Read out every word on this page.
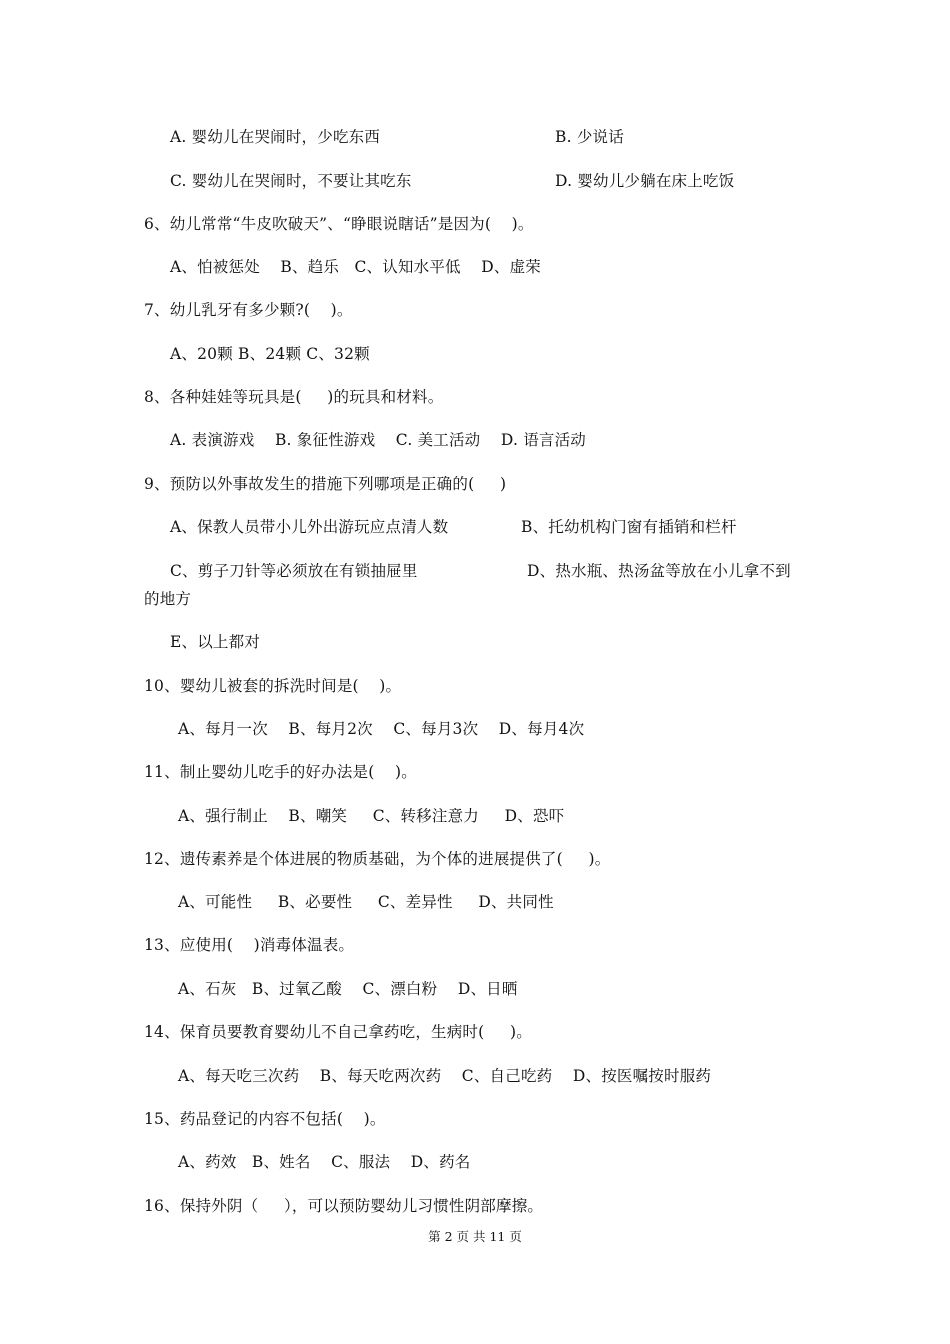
A. 婴幼儿在哭闹时，少吃东西	B. 少说话
C. 婴幼儿在哭闹时，不要让其吃东	D. 婴幼儿少躺在床上吃饭
6、幼儿常常“牛皮吹破天”、“睁眼说瞎话”是因为(    )。
A、怕被惩处    B、趋乐   C、认知水平低    D、虚荣
7、幼儿乳牙有多少颗?(    )。
A、20颗 B、24颗 C、32颗
8、各种娃娃等玩具是(     )的玩具和材料。
A. 表演游戏    B. 象征性游戏    C. 美工活动    D. 语言活动
9、预防以外事故发生的措施下列哪项是正确的(     )
A、保教人员带小儿外出游玩应点清人数	B、托幼机构门窗有插销和栏杆
C、剪子刀针等必须放在有锁抽屉里	D、热水瓶、热汤盆等放在小儿拿不到
的地方
E、以上都对
10、婴幼儿被套的拆洗时间是(    )。
A、每月一次    B、每月2次    C、每月3次    D、每月4次
11、制止婴幼儿吃手的好办法是(    )。
A、强行制止    B、嘲笑     C、转移注意力     D、恐吓
12、遗传素养是个体进展的物质基础，为个体的进展提供了(     )。
A、可能性     B、必要性     C、差异性     D、共同性
13、应使用(    )消毒体温表。
A、石灰   B、过氧乙酸    C、漂白粉    D、日晒
14、保育员要教育婴幼儿不自己拿药吃，生病时(     )。
A、每天吃三次药    B、每天吃两次药    C、自己吃药    D、按医嘱按时服药
15、药品登记的内容不包括(    )。
A、药效   B、姓名    C、服法    D、药名
16、保持外阴（     ），可以预防婴幼儿习惯性阴部摩擦。
第 2 页 共 11 页
